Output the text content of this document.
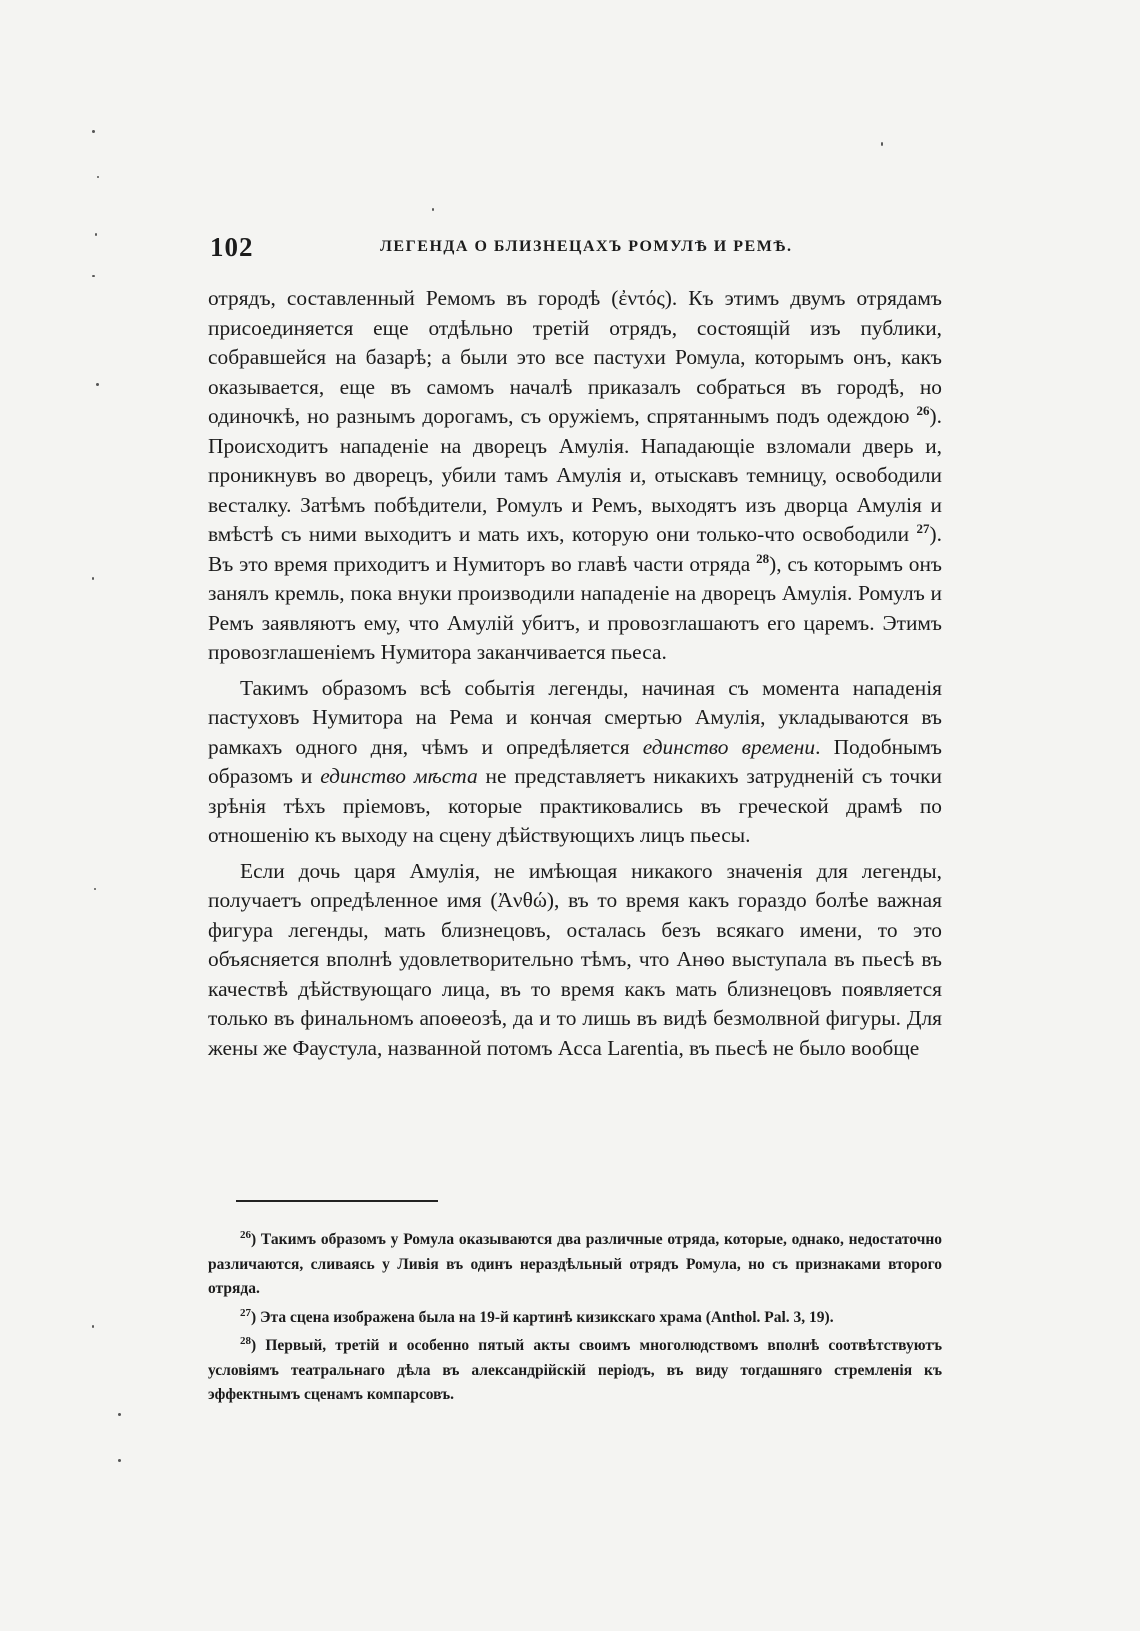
102	ЛЕГЕНДА О БЛИЗНЕЦАХЪ РОМУЛѢ И РЕМѢ.

отрядъ, составленный Ремомъ въ городѣ (ἐντός). Къ этимъ двумъ отрядамъ присоединяется еще отдѣльно третій отрядъ, состоящій изъ публики, собравшейся на базарѣ; а были это все пастухи Ромула, которымъ онъ, какъ оказывается, еще въ самомъ началѣ приказалъ собраться въ городѣ, но одиночкѣ, но разнымъ дорогамъ, съ оружіемъ, спрятаннымъ подъ одеждою $^{26}$). Происходитъ нападеніе на дворецъ Амулія. Нападающіе взломали дверь и, проникнувъ во дворецъ, убили тамъ Амулія и, отыскавъ темницу, освободили весталку. Затѣмъ побѣдители, Ромулъ и Ремъ, выходятъ изъ дворца Амулія и вмѣстѣ съ ними выходитъ и мать ихъ, которую они только-что освободили $^{27}$). Въ это время приходитъ и Нумиторъ во главѣ части отряда $^{28}$), съ которымъ онъ занялъ кремль, пока внуки производили нападеніе на дворецъ Амулія. Ромулъ и Ремъ заявляютъ ему, что Амулій убитъ, и провозглашаютъ его царемъ. Этимъ провозглашеніемъ Нумитора заканчивается пьеса.

Такимъ образомъ всѣ событія легенды, начиная съ момента нападенія пастуховъ Нумитора на Рема и кончая смертью Амулія, укладываются въ рамкахъ одного дня, чѣмъ и опредѣляется единство времени. Подобнымъ образомъ и единство мѣста не представляетъ никакихъ затрудненій съ точки зрѣнія тѣхъ пріемовъ, которые практиковались въ греческой драмѣ по отношенію къ выходу на сцену дѣйствующихъ лицъ пьесы.

Если дочь царя Амулія, не имѣющая никакого значенія для легенды, получаетъ опредѣленное имя (Ἀνθώ), въ то время какъ гораздо болѣе важная фигура легенды, мать близнецовъ, осталась безъ всякаго имени, то это объясняется вполнѣ удовлетворительно тѣмъ, что Анѳо выступала въ пьесѣ въ качествѣ дѣйствующаго лица, въ то время какъ мать близнецовъ появляется только въ финальномъ апоѳеозѣ, да и то лишь въ видѣ безмолвной фигуры. Для жены же Фаустула, названной потомъ Acca Larentia, въ пьесѣ не было вообще

$^{26}$) Такимъ образомъ у Ромула оказываются два различные отряда, которые, однако, недостаточно различаются, сливаясь у Ливія въ одинъ нераздѣльный отрядъ Ромула, но съ признаками второго отряда.

$^{27}$) Эта сцена изображена была на 19-й картинѣ кизикскаго храма (Anthol. Pal. 3, 19).

$^{28}$) Первый, третій и особенно пятый акты своимъ многолюдствомъ вполнѣ соотвѣтствуютъ условіямъ театральнаго дѣла въ александрійскій періодъ, въ виду тогдашняго стремленія къ эффектнымъ сценамъ компарсовъ.
